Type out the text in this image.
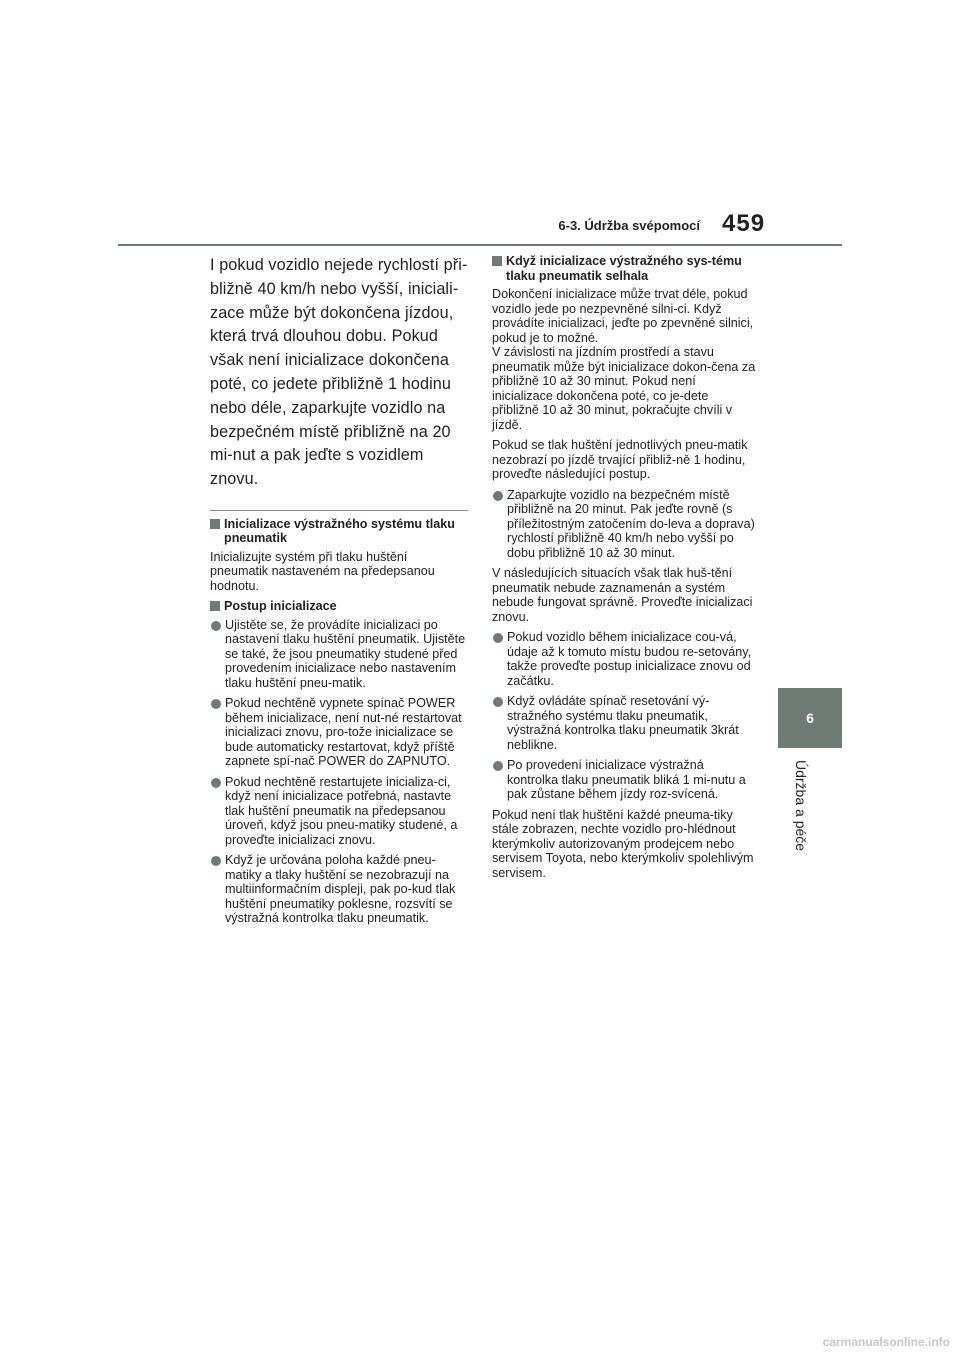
6-3. Údržba svépomocí 459
6
Údržba a péče

I pokud vozidlo nejede rychlostí při-bližně 40 km/h nebo vyšší, iniciali-zace může být dokončena jízdou, která trvá dlouhou dobu. Pokud však není inicializace dokončena poté, co jedete přibližně 1 hodinu nebo déle, zaparkujte vozidlo na bezpečném místě přibližně na 20 mi-nut a pak jeďte s vozidlem znovu.

Inicializace výstražného systému tlaku pneumatik

Inicializujte systém při tlaku huštění pneumatik nastaveném na předepsanou hodnotu.

Postup inicializace
Ujistěte se, že provádíte inicializaci po nastavení tlaku huštění pneumatik. Ujistěte se také, že jsou pneumatiky studené před provedením inicializace nebo nastavením tlaku huštění pneu-matik.
Pokud nechtěně vypnete spínač POWER během inicializace, není nut-né restartovat inicializaci znovu, pro-tože inicializace se bude automaticky restartovat, když příště zapnete spí-nač POWER do ZAPNUTO.
Pokud nechtěně restartujete inicializa-ci, když není inicializace potřebná, nastavte tlak huštění pneumatik na předepsanou úroveň, když jsou pneu-matiky studené, a proveďte inicializaci znovu.
Když je určována poloha každé pneu-matiky a tlaky huštění se nezobrazují na multiinformačním displeji, pak po-kud tlak huštění pneumatiky poklesne, rozsvítí se výstražná kontrolka tlaku pneumatik.
Když inicializace výstražného sys-tému tlaku pneumatik selhala

Dokončení inicializace může trvat déle, pokud vozidlo jede po nezpevněné silni-ci. Když provádíte inicializaci, jeďte po zpevněné silnici, pokud je to možné.

V závislosti na jízdním prostředí a stavu pneumatik může být inicializace dokon-čena za přibližně 10 až 30 minut. Pokud není inicializace dokončena poté, co je-dete přibližně 10 až 30 minut, pokračujte chvíli v jízdě.

Pokud se tlak huštění jednotlivých pneu-matik nezobrazí po jízdě trvající přibliž-ně 1 hodinu, proveďte následující postup.

Zaparkujte vozidlo na bezpečném místě přibližně na 20 minut. Pak jeďte rovně (s příležitostným zatočením do-leva a doprava) rychlostí přibližně 40 km/h nebo vyšší po dobu přibližně 10 až 30 minut.

V následujících situacích však tlak huš-tění pneumatik nebude zaznamenán a systém nebude fungovat správně. Proveďte inicializaci znovu.

Pokud vozidlo během inicializace cou-vá, údaje až k tomuto místu budou re-setovány, takže proveďte postup inicializace znovu od začátku.
Když ovládáte spínač resetování vý-stražného systému tlaku pneumatik, výstražná kontrolka tlaku pneumatik 3krát neblikne.
Po provedení inicializace výstražná kontrolka tlaku pneumatik bliká 1 mi-nutu a pak zůstane během jízdy roz-svícená.

Pokud není tlak huštění každé pneuma-tiky stále zobrazen, nechte vozidlo pro-hlédnout kterýmkoliv autorizovaným prodejcem nebo servisem Toyota, nebo kterýmkoliv spolehlivým servisem.

carmanualsonline.info
